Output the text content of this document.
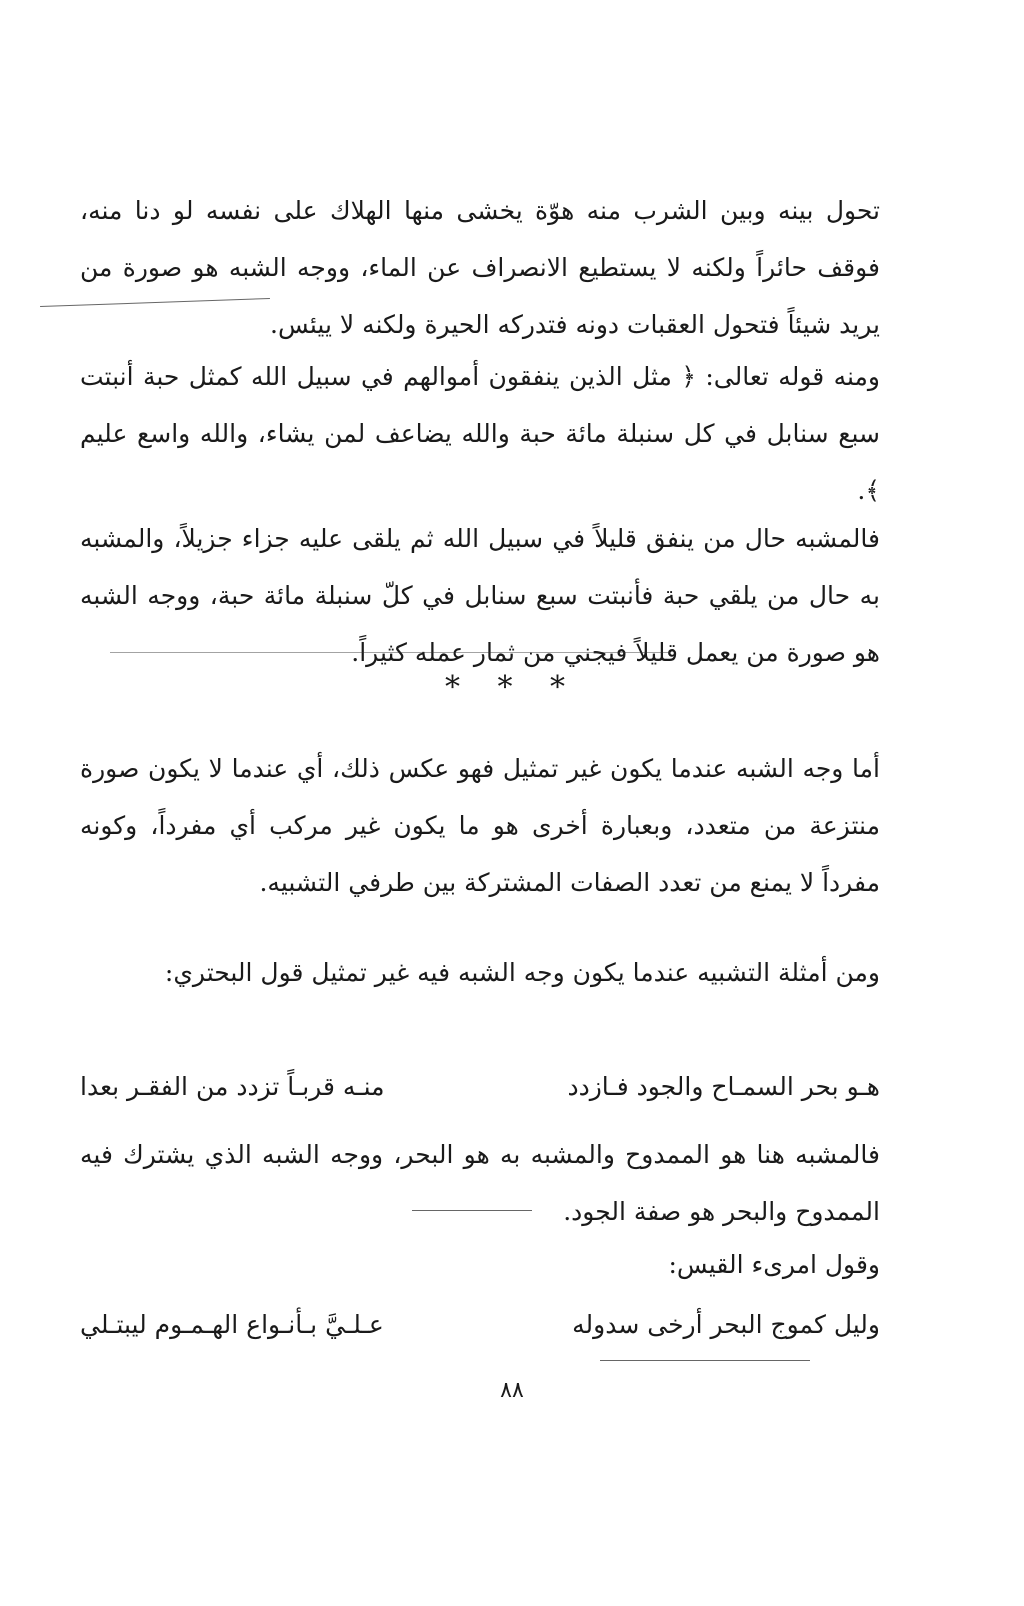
تحول بينه وبين الشرب منه هوّة يخشى منها الهلاك على نفسه لو دنا منه، فوقف حائراً ولكنه لا يستطيع الانصراف عن الماء، ووجه الشبه هو صورة من يريد شيئاً فتحول العقبات دونه فتدركه الحيرة ولكنه لا ييئس.

ومنه قوله تعالى: ﴿ مثل الذين ينفقون أموالهم في سبيل الله كمثل حبة أنبتت سبع سنابل في كل سنبلة مائة حبة والله يضاعف لمن يشاء، والله واسع عليم ﴾.

فالمشبه حال من ينفق قليلاً في سبيل الله ثم يلقى عليه جزاء جزيلاً، والمشبه به حال من يلقي حبة فأنبتت سبع سنابل في كلّ سنبلة مائة حبة، ووجه الشبه هو صورة من يعمل قليلاً فيجني من ثمار عمله كثيراً.

* * *

أما وجه الشبه عندما يكون غير تمثيل فهو عكس ذلك، أي عندما لا يكون صورة منتزعة من متعدد، وبعبارة أخرى هو ما يكون غير مركب أي مفرداً، وكونه مفرداً لا يمنع من تعدد الصفات المشتركة بين طرفي التشبيه.

ومن أمثلة التشبيه عندما يكون وجه الشبه فيه غير تمثيل قول البحتري:

هـو بحر السمـاح والجود فـازدد
منـه قربـاً تزدد من الفقـر بعدا

فالمشبه هنا هو الممدوح والمشبه به هو البحر، ووجه الشبه الذي يشترك فيه الممدوح والبحر هو صفة الجود.

وقول امرىء القيس:

وليل كموج البحر أرخى سدوله
عـلـيَّ بـأنـواع الهـمـوم ليبتـلي
٨٨
